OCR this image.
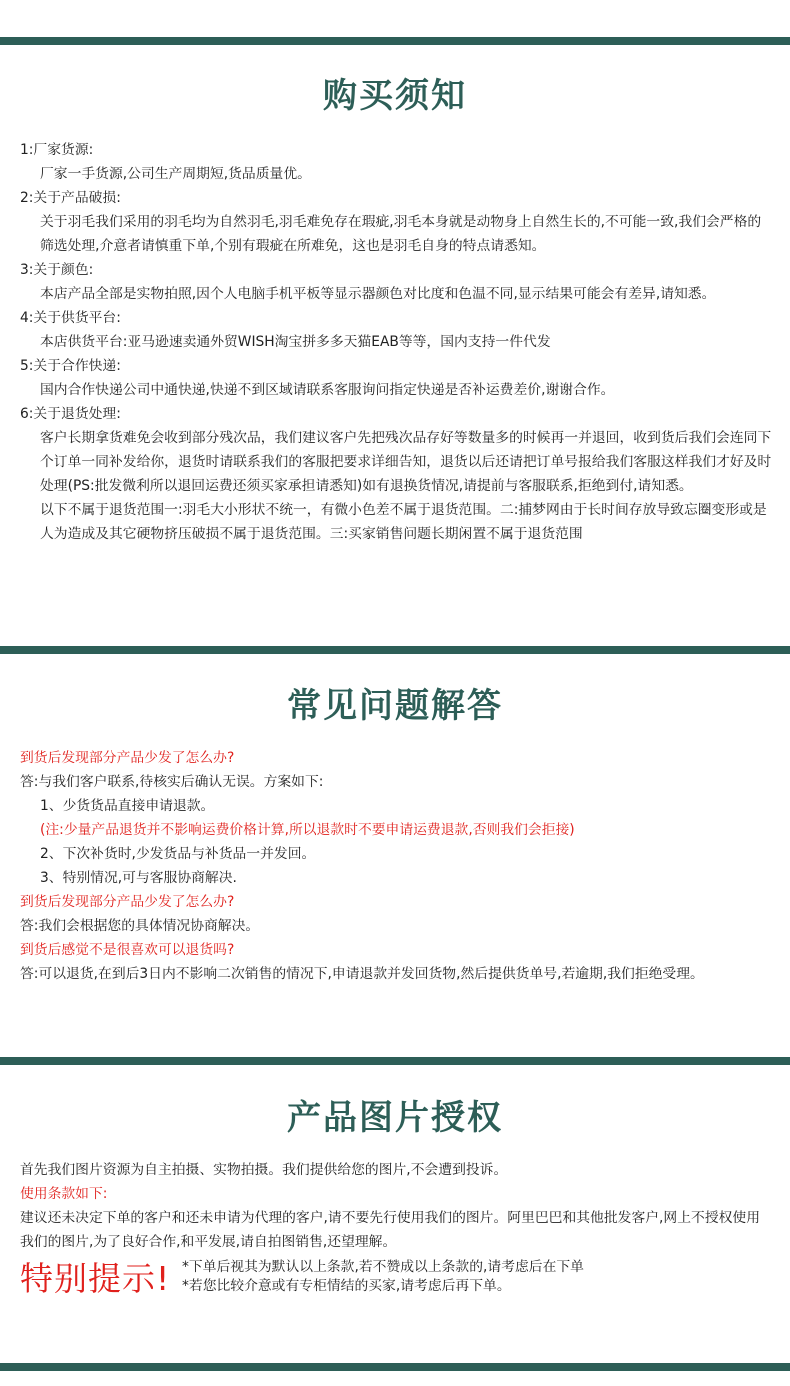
购买须知

1:厂家货源:

厂家一手货源,公司生产周期短,货品质量优。

2:关于产品破损:

关于羽毛我们采用的羽毛均为自然羽毛,羽毛难免存在瑕疵,羽毛本身就是动物身上自然生长的,不可能一致,我们会严格的筛选处理,介意者请慎重下单,个别有瑕疵在所难免，这也是羽毛自身的特点请悉知。

3:关于颜色:

本店产品全部是实物拍照,因个人电脑手机平板等显示器颜色对比度和色温不同,显示结果可能会有差异,请知悉。

4:关于供货平台:

本店供货平台:亚马逊速卖通外贸WISH淘宝拼多多天猫EAB等等，国内支持一件代发

5:关于合作快递:

国内合作快递公司中通快递,快递不到区域请联系客服询问指定快递是否补运费差价,谢谢合作。

6:关于退货处理:

客户长期拿货难免会收到部分残次品，我们建议客户先把残次品存好等数量多的时候再一并退回，收到货后我们会连同下个订单一同补发给你，退货时请联系我们的客服把要求详细告知，退货以后还请把订单号报给我们客服这样我们才好及时处理(PS:批发微利所以退回运费还须买家承担请悉知)如有退换货情况,请提前与客服联系,拒绝到付,请知悉。

以下不属于退货范围一:羽毛大小形状不统一，有微小色差不属于退货范围。二:捕梦网由于长时间存放导致忘圈变形或是人为造成及其它硬物挤压破损不属于退货范围。三:买家销售问题长期闲置不属于退货范围

常见问题解答

到货后发现部分产品少发了怎么办?

答:与我们客户联系,待核实后确认无误。方案如下:

1、少货货品直接申请退款。

(注:少量产品退货并不影响运费价格计算,所以退款时不要申请运费退款,否则我们会拒接)

2、下次补货时,少发货品与补货品一并发回。

3、特别情况,可与客服协商解决.

到货后发现部分产品少发了怎么办?

答:我们会根据您的具体情况协商解决。

到货后感觉不是很喜欢可以退货吗?

答:可以退货,在到后3日内不影响二次销售的情况下,申请退款并发回货物,然后提供货单号,若逾期,我们拒绝受理。

产品图片授权

首先我们图片资源为自主拍摄、实物拍摄。我们提供给您的图片,不会遭到投诉。

使用条款如下:

建议还未决定下单的客户和还未申请为代理的客户,请不要先行使用我们的图片。阿里巴巴和其他批发客户,网上不授权使用我们的图片,为了良好合作,和平发展,请自拍图销售,还望理解。

特别提示! *下单后视其为默认以上条款,若不赞成以上条款的,请考虑后在下单

*若您比较介意或有专柜情结的买家,请考虑后再下单。
